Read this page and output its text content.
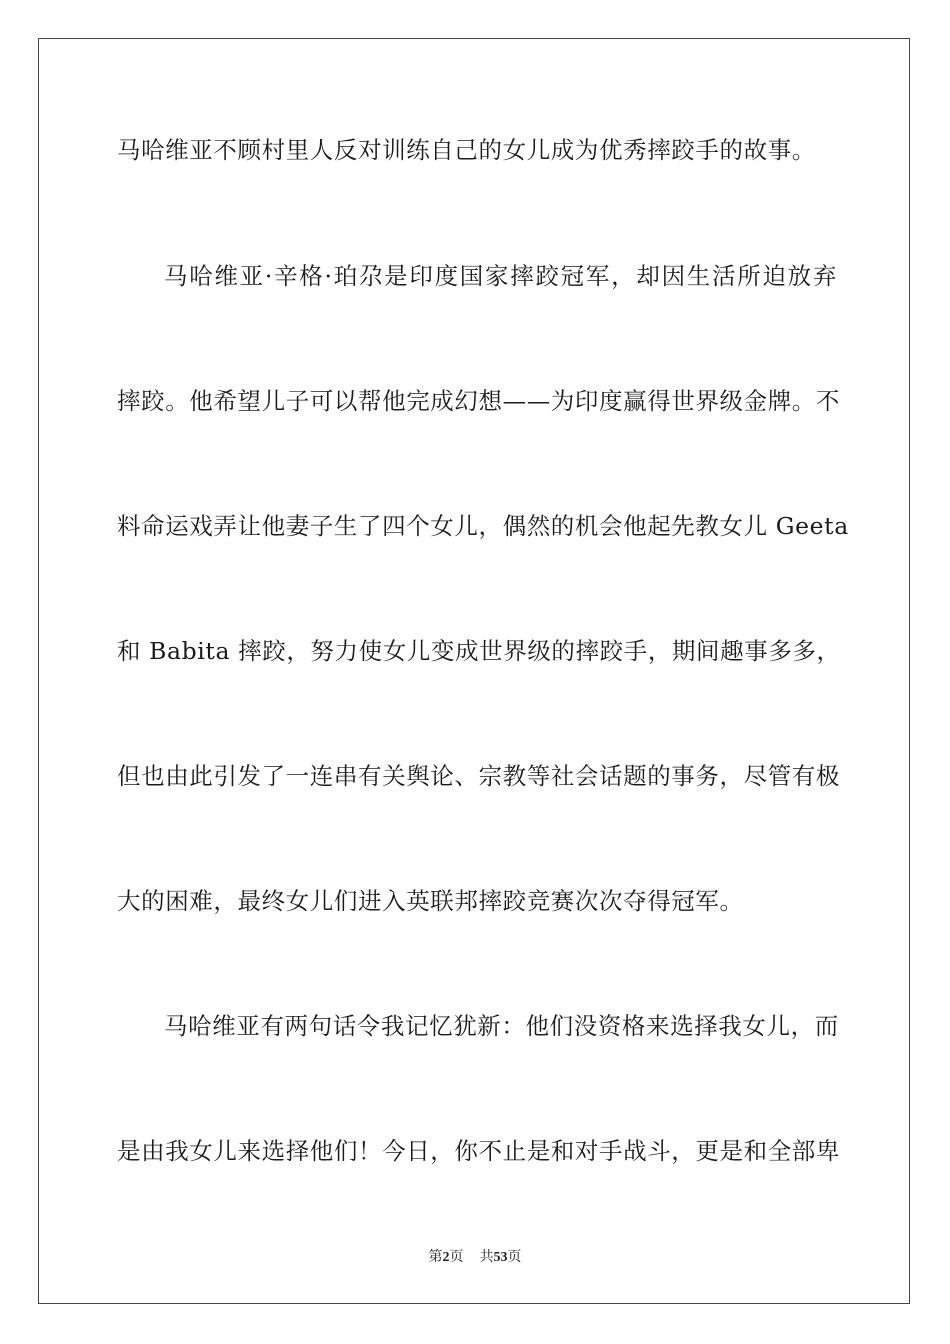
马哈维亚不顾村里人反对训练自己的女儿成为优秀摔跤手的故事。
马哈维亚·辛格·珀尕是印度国家摔跤冠军，却因生活所迫放弃
摔跤。他希望儿子可以帮他完成幻想——为印度赢得世界级金牌。不
料命运戏弄让他妻子生了四个女儿，偶然的机会他起先教女儿 Geeta
和 Babita 摔跤，努力使女儿变成世界级的摔跤手，期间趣事多多，
但也由此引发了一连串有关舆论、宗教等社会话题的事务，尽管有极
大的困难，最终女儿们进入英联邦摔跤竞赛次次夺得冠军。
马哈维亚有两句话令我记忆犹新：他们没资格来选择我女儿，而
是由我女儿来选择他们！今日，你不止是和对手战斗，更是和全部卑
第2页 共53页
